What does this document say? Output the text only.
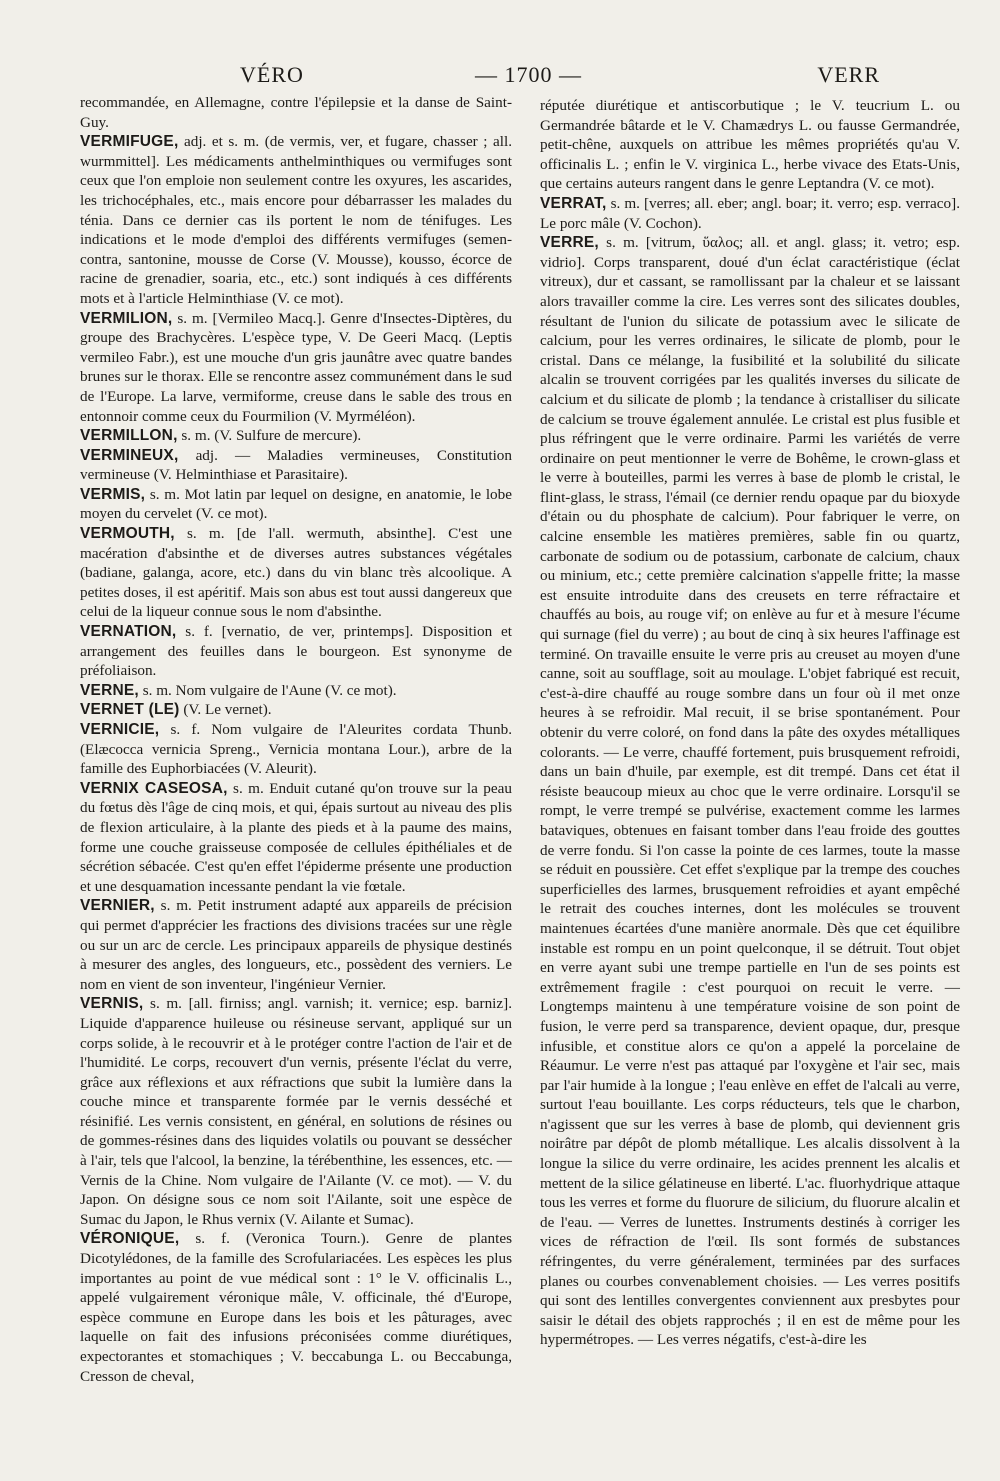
VÉRO	— 1700 —	VERR

recommandée, en Allemagne, contre l'épilepsie et la danse de Saint-Guy.

VERMIFUGE, adj. et s. m. (de vermis, ver, et fugare, chasser ; all. wurmmittel]. Les médicaments anthelminthiques ou vermifuges sont ceux que l'on emploie non seulement contre les oxyures, les ascarides, les trichocéphales, etc., mais encore pour débarrasser les malades du ténia. Dans ce dernier cas ils portent le nom de ténifuges. Les indications et le mode d'emploi des différents vermifuges (semen-contra, santonine, mousse de Corse (V. Mousse), kousso, écorce de racine de grenadier, soaria, etc., etc.) sont indiqués à ces différents mots et à l'article Helminthiase (V. ce mot).

VERMILION, s. m. [Vermileo Macq.]. Genre d'Insectes-Diptères, du groupe des Brachycères. L'espèce type, V. De Geeri Macq. (Leptis vermileo Fabr.), est une mouche d'un gris jaunâtre avec quatre bandes brunes sur le thorax. Elle se rencontre assez communément dans le sud de l'Europe. La larve, vermiforme, creuse dans le sable des trous en entonnoir comme ceux du Fourmilion (V. Myrméléon).

VERMILLON, s. m. (V. Sulfure de mercure).

VERMINEUX, adj. — Maladies vermineuses, Constitution vermineuse (V. Helminthiase et Parasitaire).

VERMIS, s. m. Mot latin par lequel on designe, en anatomie, le lobe moyen du cervelet (V. ce mot).

VERMOUTH, s. m. [de l'all. wermuth, absinthe]. C'est une macération d'absinthe et de diverses autres substances végétales (badiane, galanga, acore, etc.) dans du vin blanc très alcoolique. A petites doses, il est apéritif. Mais son abus est tout aussi dangereux que celui de la liqueur connue sous le nom d'absinthe.

VERNATION, s. f. [vernatio, de ver, printemps]. Disposition et arrangement des feuilles dans le bourgeon. Est synonyme de préfoliaison.

VERNE, s. m. Nom vulgaire de l'Aune (V. ce mot).

VERNET (LE) (V. Le vernet).

VERNICIE, s. f. Nom vulgaire de l'Aleurites cordata Thunb. (Elæcocca vernicia Spreng., Vernicia montana Lour.), arbre de la famille des Euphorbiacées (V. Aleurit).

VERNIX CASEOSA, s. m. Enduit cutané qu'on trouve sur la peau du fœtus dès l'âge de cinq mois, et qui, épais surtout au niveau des plis de flexion articulaire, à la plante des pieds et à la paume des mains, forme une couche graisseuse composée de cellules épithéliales et de sécrétion sébacée. C'est qu'en effet l'épiderme présente une production et une desquamation incessante pendant la vie fœtale.

VERNIER, s. m. Petit instrument adapté aux appareils de précision qui permet d'apprécier les fractions des divisions tracées sur une règle ou sur un arc de cercle. Les principaux appareils de physique destinés à mesurer des angles, des longueurs, etc., possèdent des verniers. Le nom en vient de son inventeur, l'ingénieur Vernier.

VERNIS, s. m. [all. firniss; angl. varnish; it. vernice; esp. barniz]. Liquide d'apparence huileuse ou résineuse servant, appliqué sur un corps solide, à le recouvrir et à le protéger contre l'action de l'air et de l'humidité. Le corps, recouvert d'un vernis, présente l'éclat du verre, grâce aux réflexions et aux réfractions que subit la lumière dans la couche mince et transparente formée par le vernis desséché et résinifié. Les vernis consistent, en général, en solutions de résines ou de gommes-résines dans des liquides volatils ou pouvant se dessécher à l'air, tels que l'alcool, la benzine, la térébenthine, les essences, etc. — Vernis de la Chine. Nom vulgaire de l'Ailante (V. ce mot). — V. du Japon. On désigne sous ce nom soit l'Ailante, soit une espèce de Sumac du Japon, le Rhus vernix (V. Ailante et Sumac).

VÉRONIQUE, s. f. (Veronica Tourn.). Genre de plantes Dicotylédones, de la famille des Scrofulariacées. Les espèces les plus importantes au point de vue médical sont : 1° le V. officinalis L., appelé vulgairement véronique mâle, V. officinale, thé d'Europe, espèce commune en Europe dans les bois et les pâturages, avec laquelle on fait des infusions préconisées comme diurétiques, expectorantes et stomachiques ; V. beccabunga L. ou Beccabunga, Cresson de cheval,

réputée diurétique et antiscorbutique ; le V. teucrium L. ou Germandrée bâtarde et le V. Chamædrys L. ou fausse Germandrée, petit-chêne, auxquels on attribue les mêmes propriétés qu'au V. officinalis L. ; enfin le V. virginica L., herbe vivace des Etats-Unis, que certains auteurs rangent dans le genre Leptandra (V. ce mot).

VERRAT, s. m. [verres; all. eber; angl. boar; it. verro; esp. verraco]. Le porc mâle (V. Cochon).

VERRE, s. m. [vitrum, ὕαλος; all. et angl. glass; it. vetro; esp. vidrio]. Corps transparent, doué d'un éclat caractéristique (éclat vitreux), dur et cassant, se ramollissant par la chaleur et se laissant alors travailler comme la cire. Les verres sont des silicates doubles, résultant de l'union du silicate de potassium avec le silicate de calcium, pour les verres ordinaires, le silicate de plomb, pour le cristal. Dans ce mélange, la fusibilité et la solubilité du silicate alcalin se trouvent corrigées par les qualités inverses du silicate de calcium et du silicate de plomb ; la tendance à cristalliser du silicate de calcium se trouve également annulée. Le cristal est plus fusible et plus réfringent que le verre ordinaire. Parmi les variétés de verre ordinaire on peut mentionner le verre de Bohême, le crown-glass et le verre à bouteilles, parmi les verres à base de plomb le cristal, le flint-glass, le strass, l'émail (ce dernier rendu opaque par du bioxyde d'étain ou du phosphate de calcium). Pour fabriquer le verre, on calcine ensemble les matières premières, sable fin ou quartz, carbonate de sodium ou de potassium, carbonate de calcium, chaux ou minium, etc.; cette première calcination s'appelle fritte; la masse est ensuite introduite dans des creusets en terre réfractaire et chauffés au bois, au rouge vif; on enlève au fur et à mesure l'écume qui surnage (fiel du verre) ; au bout de cinq à six heures l'affinage est terminé. On travaille ensuite le verre pris au creuset au moyen d'une canne, soit au soufflage, soit au moulage. L'objet fabriqué est recuit, c'est-à-dire chauffé au rouge sombre dans un four où il met onze heures à se refroidir. Mal recuit, il se brise spontanément. Pour obtenir du verre coloré, on fond dans la pâte des oxydes métalliques colorants. — Le verre, chauffé fortement, puis brusquement refroidi, dans un bain d'huile, par exemple, est dit trempé. Dans cet état il résiste beaucoup mieux au choc que le verre ordinaire. Lorsqu'il se rompt, le verre trempé se pulvérise, exactement comme les larmes bataviques, obtenues en faisant tomber dans l'eau froide des gouttes de verre fondu. Si l'on casse la pointe de ces larmes, toute la masse se réduit en poussière. Cet effet s'explique par la trempe des couches superficielles des larmes, brusquement refroidies et ayant empêché le retrait des couches internes, dont les molécules se trouvent maintenues écartées d'une manière anormale. Dès que cet équilibre instable est rompu en un point quelconque, il se détruit. Tout objet en verre ayant subi une trempe partielle en l'un de ses points est extrêmement fragile : c'est pourquoi on recuit le verre. — Longtemps maintenu à une température voisine de son point de fusion, le verre perd sa transparence, devient opaque, dur, presque infusible, et constitue alors ce qu'on a appelé la porcelaine de Réaumur. Le verre n'est pas attaqué par l'oxygène et l'air sec, mais par l'air humide à la longue ; l'eau enlève en effet de l'alcali au verre, surtout l'eau bouillante. Les corps réducteurs, tels que le charbon, n'agissent que sur les verres à base de plomb, qui deviennent gris noirâtre par dépôt de plomb métallique. Les alcalis dissolvent à la longue la silice du verre ordinaire, les acides prennent les alcalis et mettent de la silice gélatineuse en liberté. L'ac. fluorhydrique attaque tous les verres et forme du fluorure de silicium, du fluorure alcalin et de l'eau. — Verres de lunettes. Instruments destinés à corriger les vices de réfraction de l'œil. Ils sont formés de substances réfringentes, du verre généralement, terminées par des surfaces planes ou courbes convenablement choisies. — Les verres positifs qui sont des lentilles convergentes conviennent aux presbytes pour saisir le détail des objets rapprochés ; il en est de même pour les hypermétropes. — Les verres négatifs, c'est-à-dire les
